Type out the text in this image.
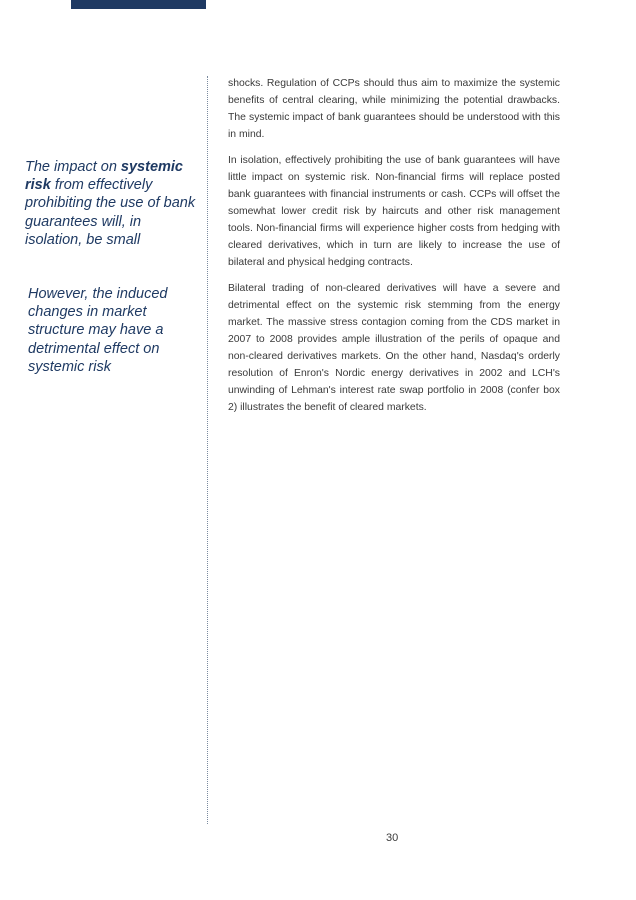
The impact on systemic risk from effectively prohibiting the use of bank guarantees will, in isolation, be small
However, the induced changes in market structure may have a detrimental effect on systemic risk

shocks. Regulation of CCPs should thus aim to maximize the systemic benefits of central clearing, while minimizing the potential drawbacks. The systemic impact of bank guarantees should be understood with this in mind.

In isolation, effectively prohibiting the use of bank guarantees will have little impact on systemic risk. Non-financial firms will replace posted bank guarantees with financial instruments or cash. CCPs will offset the somewhat lower credit risk by haircuts and other risk management tools. Non-financial firms will experience higher costs from hedging with cleared derivatives, which in turn are likely to increase the use of bilateral and physical hedging contracts.

Bilateral trading of non-cleared derivatives will have a severe and detrimental effect on the systemic risk stemming from the energy market. The massive stress contagion coming from the CDS market in 2007 to 2008 provides ample illustration of the perils of opaque and non-cleared derivatives markets. On the other hand, Nasdaq's orderly resolution of Enron's Nordic energy derivatives in 2002 and LCH's unwinding of Lehman's interest rate swap portfolio in 2008 (confer box 2) illustrates the benefit of cleared markets.

30
